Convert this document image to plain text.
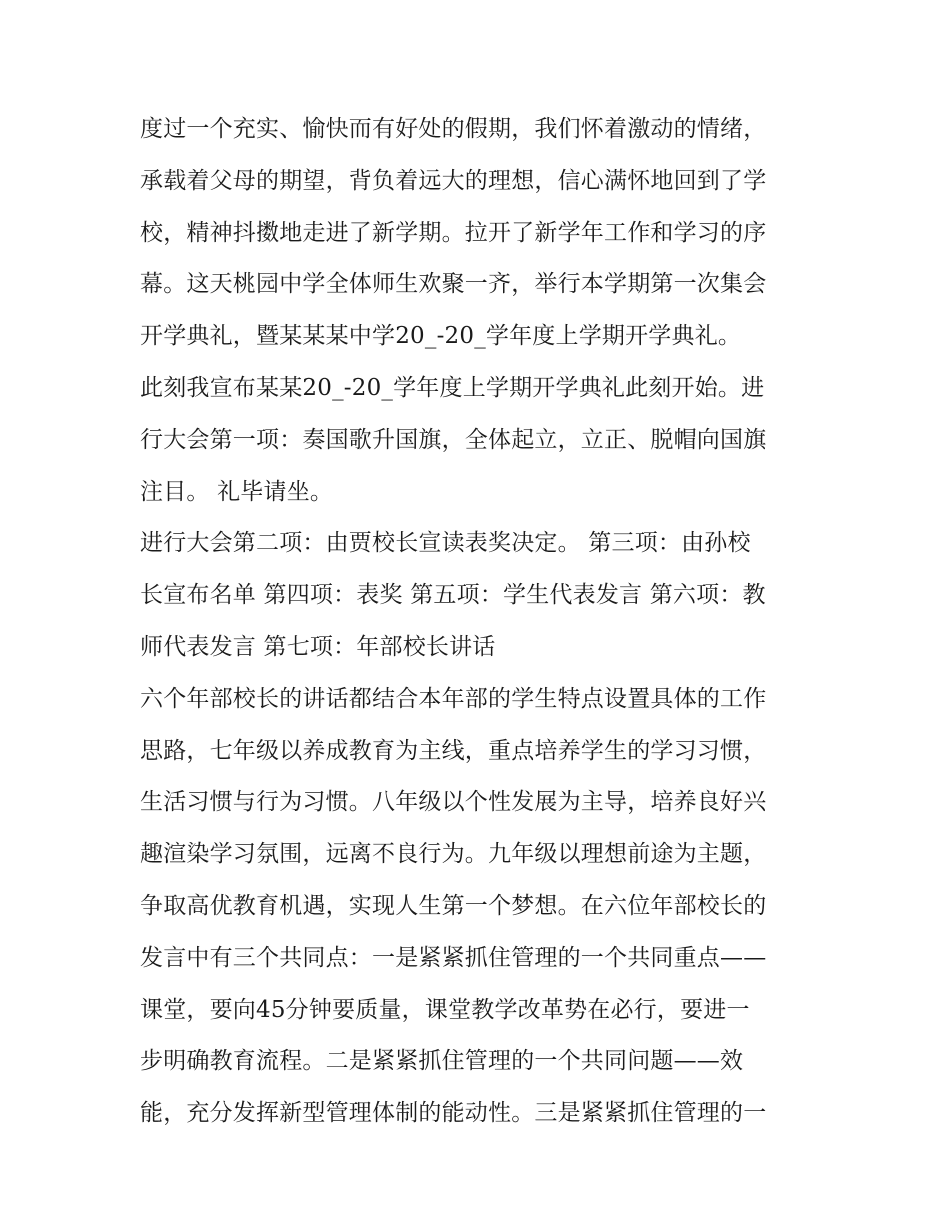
度过一个充实、愉快而有好处的假期，我们怀着激动的情绪，
承载着父母的期望，背负着远大的理想，信心满怀地回到了学
校，精神抖擞地走进了新学期。拉开了新学年工作和学习的序
幕。这天桃园中学全体师生欢聚一齐，举行本学期第一次集会
开学典礼，暨某某某中学20_-20_学年度上学期开学典礼。
此刻我宣布某某20_-20_学年度上学期开学典礼此刻开始。进
行大会第一项：奏国歌升国旗，全体起立，立正、脱帽向国旗
注目。 礼毕请坐。
进行大会第二项：由贾校长宣读表奖决定。 第三项：由孙校
长宣布名单 第四项：表奖 第五项：学生代表发言 第六项：教
师代表发言 第七项：年部校长讲话
六个年部校长的讲话都结合本年部的学生特点设置具体的工作
思路，七年级以养成教育为主线，重点培养学生的学习习惯，
生活习惯与行为习惯。八年级以个性发展为主导，培养良好兴
趣渲染学习氛围，远离不良行为。九年级以理想前途为主题，
争取高优教育机遇，实现人生第一个梦想。在六位年部校长的
发言中有三个共同点：一是紧紧抓住管理的一个共同重点——
课堂，要向45分钟要质量，课堂教学改革势在必行，要进一
步明确教育流程。二是紧紧抓住管理的一个共同问题——效
能，充分发挥新型管理体制的能动性。三是紧紧抓住管理的一
